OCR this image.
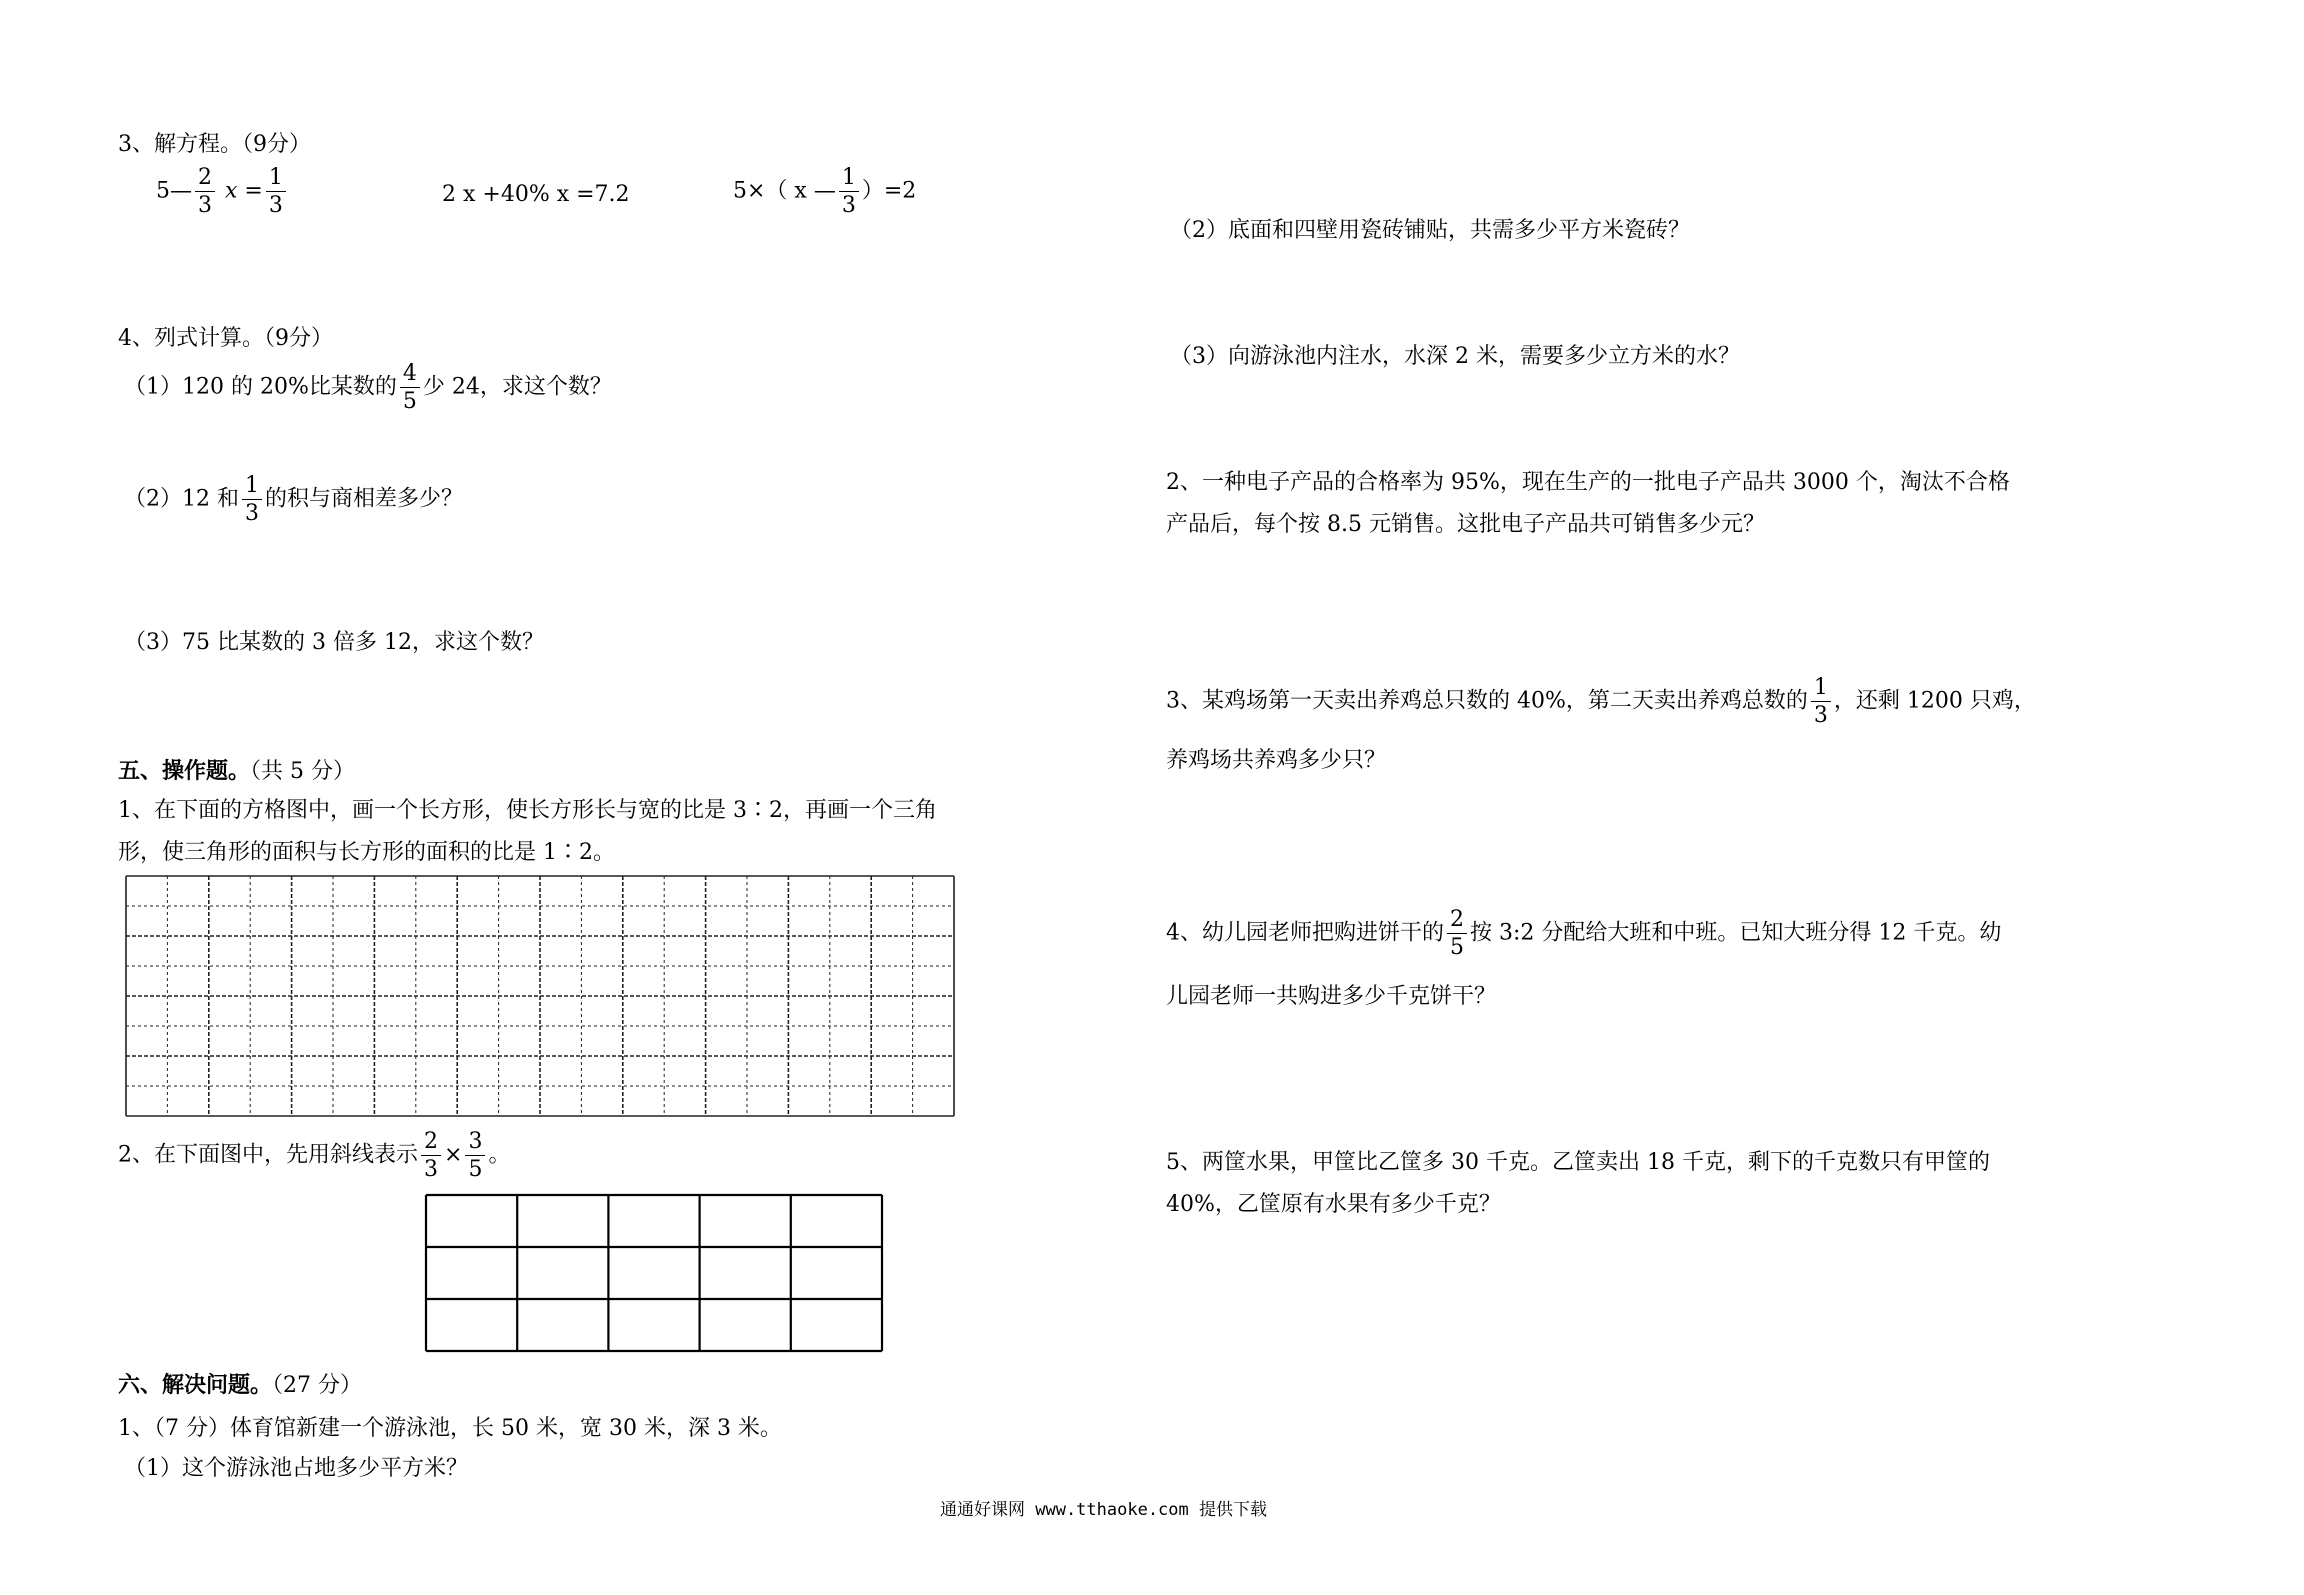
3、解方程。（9分）
5— $\frac{2}{3}$ $x = \frac{1}{3}$	2 x +40% x =7.2	5×（ x — $\frac{1}{3} )=2$
4、列式计算。（9分）
（1）120 的 20%比某数的 $\frac{4}{5}$ 少 24，求这个数？
（2）12 和 $\frac{1}{3}$ 的积与商相差多少？
（3）75 比某数的 3 倍多 12，求这个数？
五、操作题。（共 5 分）
1、在下面的方格图中，画一个长方形，使长方形长与宽的比是 3∶2，再画一个三角
形，使三角形的面积与长方形的面积的比是 1∶2。
2、在下面图中，先用斜线表示 $\frac{2}{3} \times \frac{3}{5}$ 。
六、解决问题。（27 分）
1、（7 分）体育馆新建一个游泳池，长 50 米，宽 30 米，深 3 米。
（1）这个游泳池占地多少平方米？
（2）底面和四壁用瓷砖铺贴，共需多少平方米瓷砖？
（3）向游泳池内注水，水深 2 米，需要多少立方米的水？
2、一种电子产品的合格率为 95%，现在生产的一批电子产品共 3000 个，淘汰不合格
产品后，每个按 8.5 元销售。这批电子产品共可销售多少元？
3、某鸡场第一天卖出养鸡总只数的 40%，第二天卖出养鸡总数的 $\frac{1}{3}$ ，还剩 1200 只鸡，
养鸡场共养鸡多少只？
4、幼儿园老师把购进饼干的 $\frac{2}{5}$ 按 3:2 分配给大班和中班。已知大班分得 12 千克。幼
儿园老师一共购进多少千克饼干？
5、两筐水果，甲筐比乙筐多 30 千克。乙筐卖出 18 千克，剩下的千克数只有甲筐的
40%，乙筐原有水果有多少千克？
通通好课网 www.tthaoke.com 提供下载
